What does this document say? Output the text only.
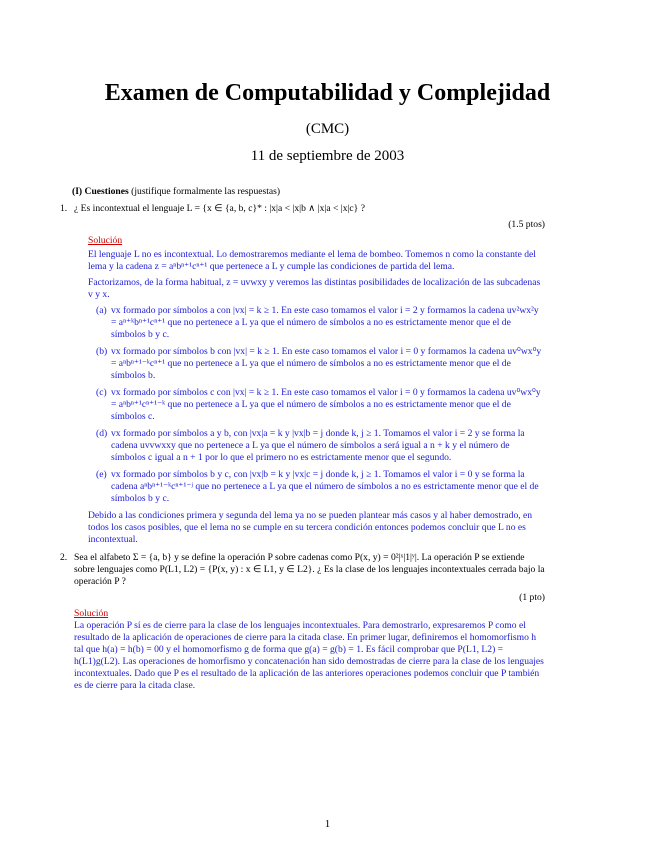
Examen de Computabilidad y Complejidad
(CMC)
11 de septiembre de 2003
(I) Cuestiones (justifique formalmente las respuestas)
1. ¿ Es incontextual el lenguaje L = {x ∈ {a, b, c}* : |x|a < |x|b ∧ |x|a < |x|c} ?
(1.5 ptos)
Solución
El lenguaje L no es incontextual. Lo demostraremos mediante el lema de bombeo. Tomemos n como la constante del lema y la cadena z = aⁿbⁿ⁺¹cⁿ⁺¹ que pertenece a L y cumple las condiciones de partida del lema.
Factorizamos, de la forma habitual, z = uvwxy y veremos las distintas posibilidades de localización de las subcadenas v y x.
(a) vx formado por símbolos a con |vx| = k ≥ 1. En este caso tomamos el valor i = 2 y formamos la cadena uv²wx²y = aⁿ⁺ᵏbⁿ⁺¹cⁿ⁺¹ que no pertenece a L ya que el número de símbolos a no es estrictamente menor que el de símbolos b y c.
(b) vx formado por símbolos b con |vx| = k ≥ 1. En este caso tomamos el valor i = 0 y formamos la cadena uv⁰wx⁰y = aⁿbⁿ⁺¹⁻ᵏcⁿ⁺¹ que no pertenece a L ya que el número de símbolos a no es estrictamente menor que el de símbolos b.
(c) vx formado por símbolos c con |vx| = k ≥ 1. En este caso tomamos el valor i = 0 y formamos la cadena uv⁰wx⁰y = aⁿbⁿ⁺¹cⁿ⁺¹⁻ᵏ que no pertenece a L ya que el número de símbolos a no es estrictamente menor que el de símbolos c.
(d) vx formado por símbolos a y b, con |vx|a = k y |vx|b = j donde k, j ≥ 1. Tomamos el valor i = 2 y se forma la cadena uvvwxxy que no pertenece a L ya que el número de símbolos a será igual a n + k y el número de símbolos c igual a n + 1 por lo que el primero no es estrictamente menor que el segundo.
(e) vx formado por símbolos b y c, con |vx|b = k y |vx|c = j donde k, j ≥ 1. Tomamos el valor i = 0 y se forma la cadena aⁿbⁿ⁺¹⁻ᵏcⁿ⁺¹⁻ʲ que no pertenece a L ya que el número de símbolos a no es estrictamente menor que el de símbolos b y c.
Debido a las condiciones primera y segunda del lema ya no se pueden plantear más casos y al haber demostrado, en todos los casos posibles, que el lema no se cumple en su tercera condición entonces podemos concluir que L no es incontextual.
2. Sea el alfabeto Σ = {a, b} y se define la operación P sobre cadenas como P(x, y) = 0²|ˣ|1|ʸ|. La operación P se extiende sobre lenguajes como P(L1, L2) = {P(x, y) : x ∈ L1, y ∈ L2}. ¿ Es la clase de los lenguajes incontextuales cerrada bajo la operación P ?
(1 pto)
Solución
La operación P sí es de cierre para la clase de los lenguajes incontextuales. Para demostrarlo, expresaremos P como el resultado de la aplicación de operaciones de cierre para la citada clase. En primer lugar, definiremos el homomorfismo h tal que h(a) = h(b) = 00 y el homomorfismo g de forma que g(a) = g(b) = 1. Es fácil comprobar que P(L1, L2) = h(L1)g(L2). Las operaciones de homorfismo y concatenación han sido demostradas de cierre para la clase de los lenguajes incontextuales. Dado que P es el resultado de la aplicación de las anteriores operaciones podemos concluir que P también es de cierre para la citada clase.
1
